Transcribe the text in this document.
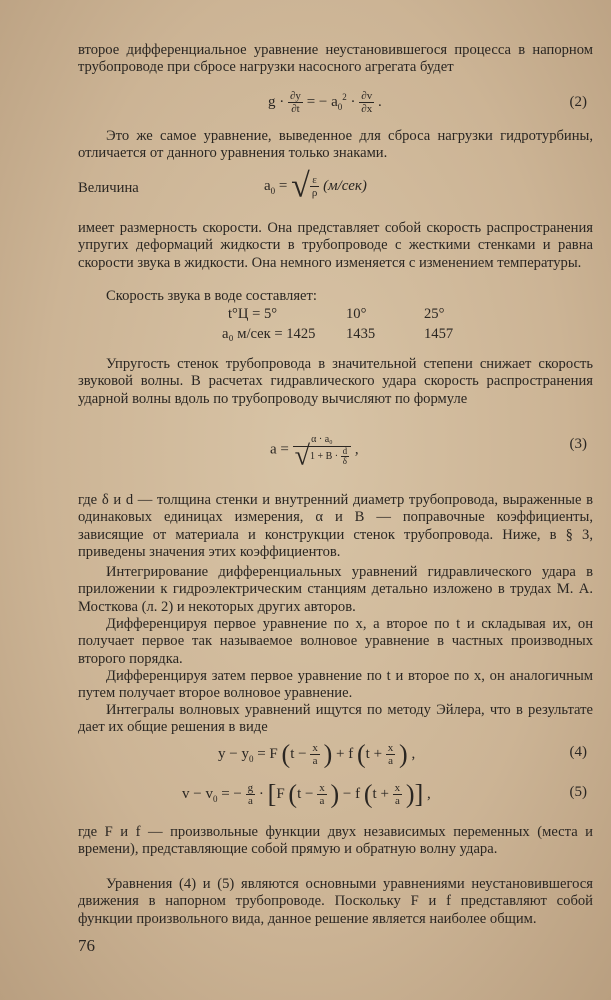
второе дифференциальное уравнение неустановившегося процесса в напорном трубопроводе при сбросе нагрузки насосного агрегата будет
$g \cdot \frac{\partial y}{\partial t}$ = − $a_0^2 \cdot \frac{\partial v}{\partial x}$ .	(2)
Это же самое уравнение, выведенное для сброса нагрузки гидротурбины, отличается от данного уравнения только знаками.
Величина	$a_0$ = √ $\frac{\varepsilon}{\rho} (м/сек)$
имеет размерность скорости. Она представляет собой скорость распространения упругих деформаций жидкости в трубопроводе с жесткими стенками и равна скорости звука в жидкости. Она немного изменяется с изменением температуры.
Скорость звука в воде составляет:
t°Ц = 5°	10°	25°
a₀ м/сек = 1425 1435	1457
Упругость стенок трубопровода в значительной степени снижает скорость звуковой волны. В расчетах гидравлического удара скорость распространения ударной волны вдоль по трубопроводу вычисляют по формуле
$a = \frac{\text{α · a₀}}{√1 + B \cdot \frac{d}{\delta}}$ ,	(3)
где δ и d — толщина стенки и внутренний диаметр трубопровода, выраженные в одинаковых единицах измерения, α и B — поправочные коэффициенты, зависящие от материала и конструкции стенок трубопровода. Ниже, в § 3, приведены значения этих коэффициентов.
Интегрирование дифференциальных уравнений гидравлического удара в приложении к гидроэлектрическим станциям детально изложено в трудах М. А. Мосткова (л. 2) и некоторых других авторов.
Дифференцируя первое уравнение по x, а второе по t и складывая их, он получает первое так называемое волновое уравнение в частных производных второго порядка.
Дифференцируя затем первое уравнение по t и второе по x, он аналогичным путем получает второе волновое уравнение.
Интегралы волновых уравнений ищутся по методу Эйлера, что в результате дает их общие решения в виде
$y - y_0 = F$ ($t - \frac{x}{a}$ ) + f ($t + \frac{x}{a}$ ) ,	(4)
$v - v_0$ = − $\frac{g}{a} \cdot [F$ ($t - \frac{x}{a}$ ) − f ($t + \frac{x}{a}$ )] ,	(5)
где F и f — произвольные функции двух независимых переменных (места и времени), представляющие собой прямую и обратную волну удара.
Уравнения (4) и (5) являются основными уравнениями неустановившегося движения в напорном трубопроводе. Поскольку F и f представляют собой функции произвольного вида, данное решение является наиболее общим.
76
